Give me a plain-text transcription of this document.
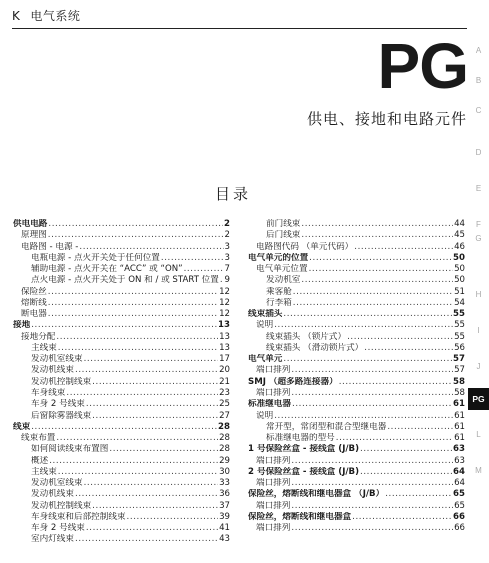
K 电气系统
PG
供电、接地和电路元件
目录
供电电路 .....	2
原理图 .....	2
电路图 - 电源 - .....	3
电瓶电源 - 点火开关处于任何位置 .....	3
辅助电源 - 点火开关在 “ACC” 或 “ON” .....	7
点火电源 - 点火开关处于 ON 和 / 或 START 位置 ..... 9
保险丝 .....	12
熔断线 .....	12
断电器 .....	12
接地 .....	13
接地分配 .....	13
主线束 .....	13
发动机室线束 .....	17
发动机线束 .....	20
发动机控制线束 .....	21
车身线束 .....	23
车身 2 号线束 .....	25
后窗除雾器线束 .....	27
线束 .....	28
线束布置 .....	28
如何阅读线束布置图 .....	28
概述 .....	29
主线束 .....	30
发动机室线束 .....	33
发动机线束 .....	36
发动机控制线束 .....	37
车身线束和后部控制线束 .....	39
车身 2 号线束 .....	41
室内灯线束 .....	43
前门线束 .....	44
后门线束 .....	45
电路图代码 （单元代码） .....	46
电气单元的位置 .....	50
电气单元位置 .....	50
发动机室 .....	50
乘客舱 .....	51
行李箱 .....	54
线束插头 .....	55
说明 .....	55
线束插头 （锁片式） .....	55
线束插头 （滑动锁片式） .....	56
电气单元 .....	57
端口排列 .....	57
SMJ （超多路连接器） .....	58
端口排列 .....	58
标准继电器 .....	61
说明 .....	61
常开型，常闭型和混合型继电器 .....	61
标准继电器的型号 .....	61
1 号保险丝盒 - 接线盒 (J/B) .....	63
端口排列 .....	63
2 号保险丝盒 - 接线盒 (J/B) .....	64
端口排列 .....	64
保险丝，熔断线和继电器盒 （J/B） .....	65
端口排列 .....	65
保险丝，熔断线和继电器盒 .....	66
端口排列 .....	66
A
B
C
D
E
F
G
H
I
J
PG
L
M
